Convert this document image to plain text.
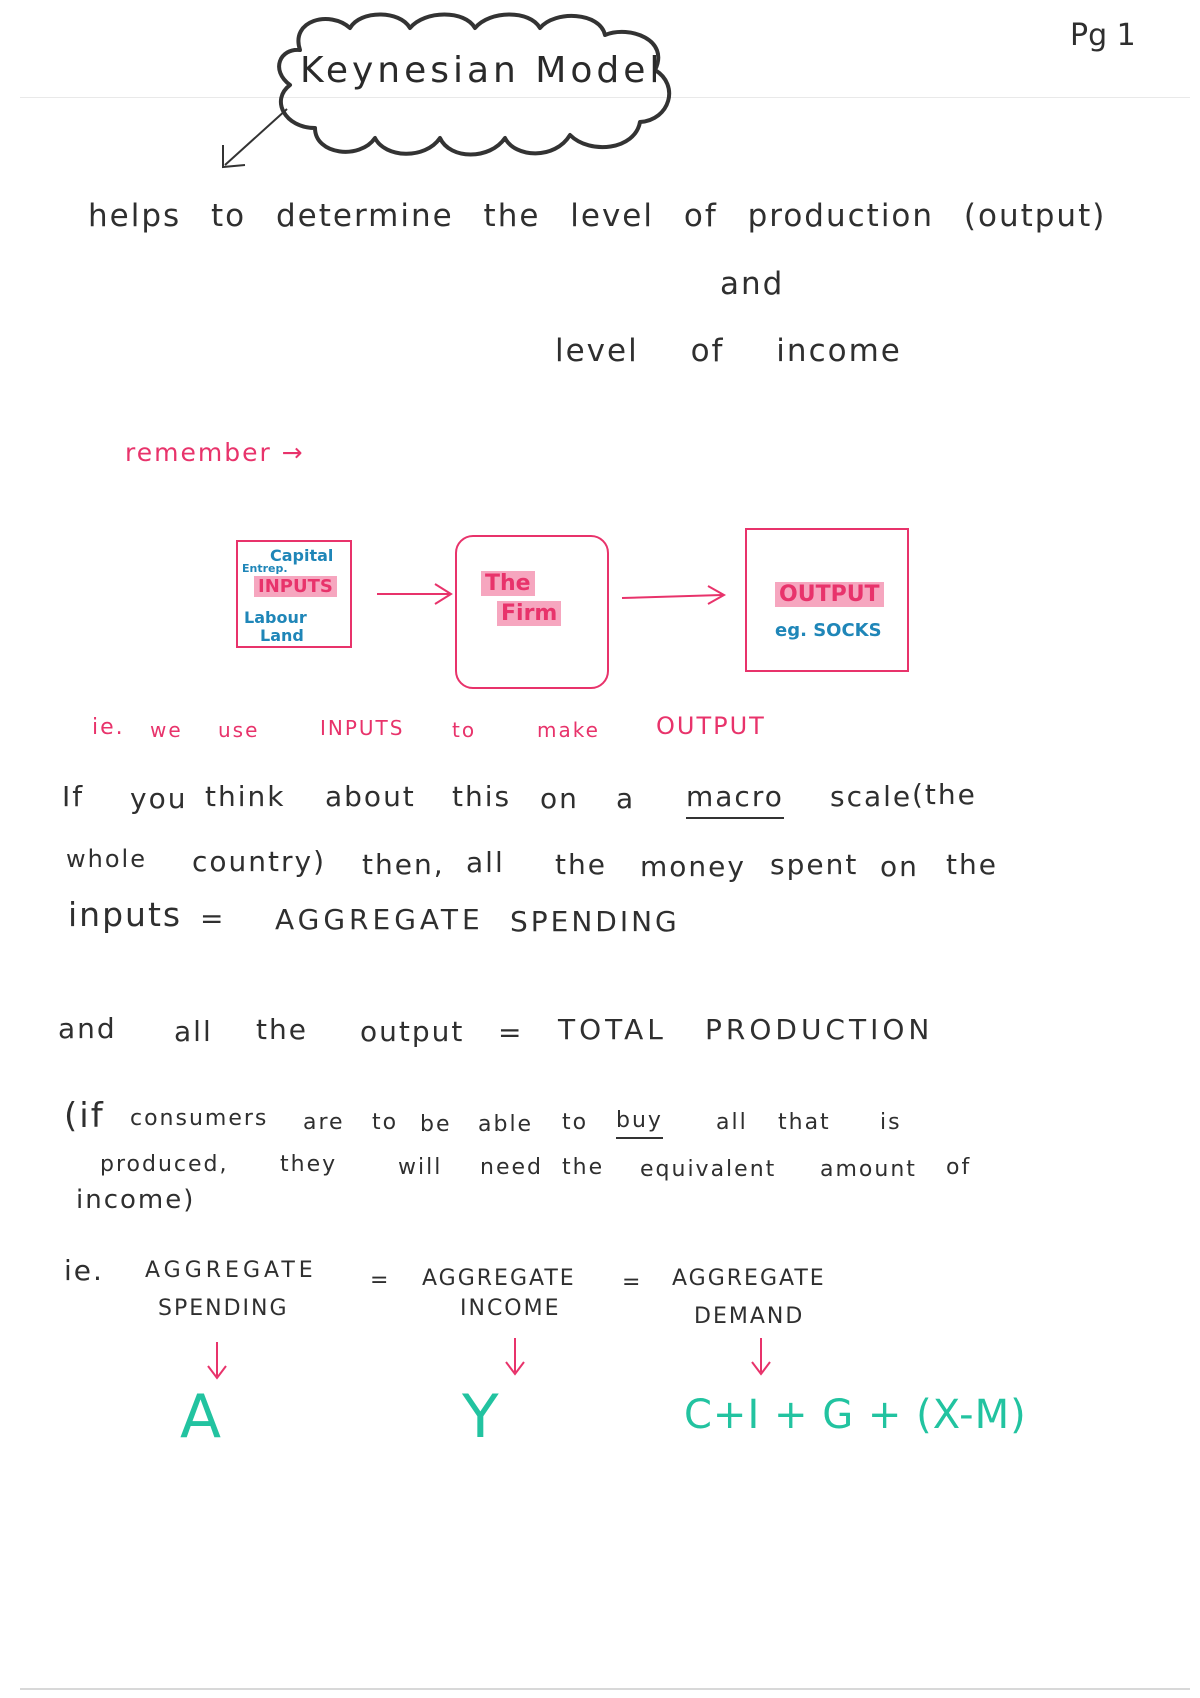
Pg 1
Keynesian Model
helps to determine the level of production (output)
and
level of income
remember →
Capital
Entrep.
INPUTS
Labour
Land
The
Firm
OUTPUT
eg. SOCKS
ie. we use	INPUTS to	make OUTPUT
If you think about this on a macro scale (the
whole country) then, all the money spent on the
inputs = AGGREGATE SPENDING
and all the output = TOTAL PRODUCTION
(if consumers are to be able to buy all that is
produced, they	will need the equivalent amount of
income)
ie. AGGREGATE
SPENDING
= AGGREGATE
INCOME
= AGGREGATE
DEMAND
A	Y	C+I + G + (X-M)
